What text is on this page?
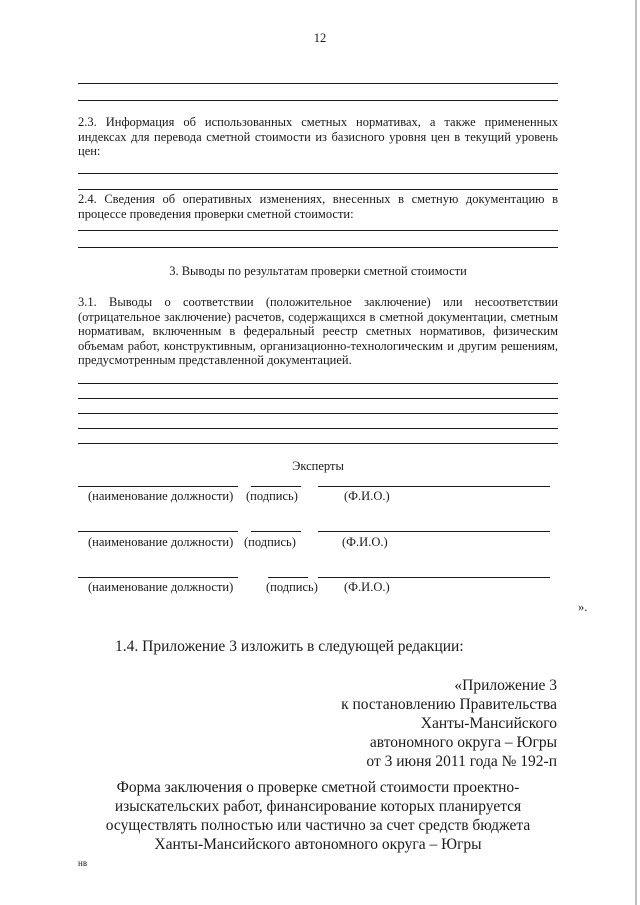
12
2.3. Информация об использованных сметных нормативах, а также примененных индексах для перевода сметной стоимости из базисного уровня цен в текущий уровень цен:
2.4. Сведения об оперативных изменениях, внесенных в сметную документацию в процессе проведения проверки сметной стоимости:
3. Выводы по результатам проверки сметной стоимости
3.1. Выводы о соответствии (положительное заключение) или несоответствии (отрицательное заключение) расчетов, содержащихся в сметной документации, сметным нормативам, включенным в федеральный реестр сметных нормативов, физическим объемам работ, конструктивным, организационно-технологическим и другим решениям, предусмотренным представленной документацией.
Эксперты
(наименование должности) (подпись)	(Ф.И.О.)
(наименование должности) (подпись)	(Ф.И.О.)
(наименование должности)	(подпись) (Ф.И.О.)
».
1.4. Приложение 3 изложить в следующей редакции:
«Приложение 3
к постановлению Правительства
Ханты-Мансийского
автономного округа – Югры
от 3 июня 2011 года № 192-п
Форма заключения о проверке сметной стоимости проектно-
изыскательских работ, финансирование которых планируется
осуществлять полностью или частично за счет средств бюджета
Ханты-Мансийского автономного округа – Югры
нв
